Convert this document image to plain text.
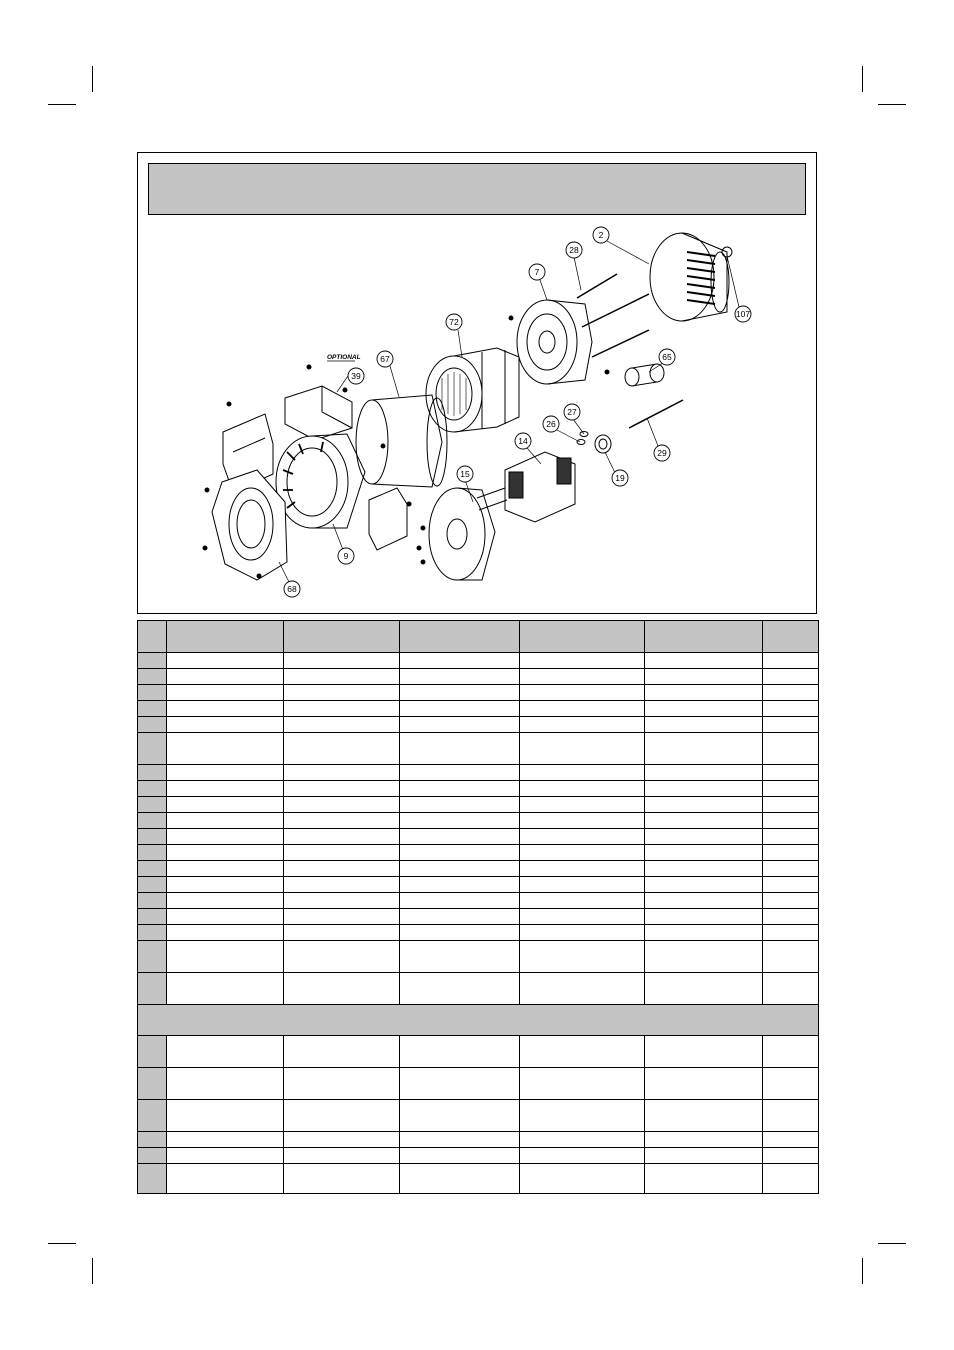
OPTIONAL
2
28
7
107
72
67
39
65
27
26
14
19
29
15
9
68
